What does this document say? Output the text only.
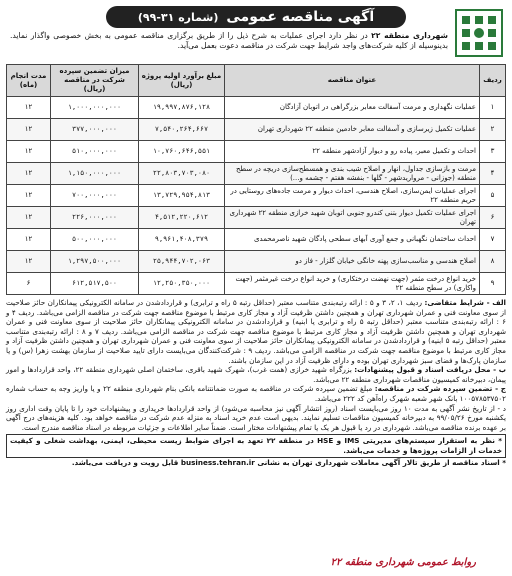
آگهی مناقصه عمومی
(شماره ۳۱-۹۹)
شهرداری منطقه ۲۲ در نظر دارد اجرای عملیات به شرح ذیل را از طریق برگزاری مناقصه عمومی به بخش خصوصی واگذار نماید. بدینوسیله از کلیه شرکت‌های واجد شرایط جهت شرکت در مناقصه دعوت بعمل می‌آید.
ردیف	عنوان مناقصه	مبلغ برآورد اولیه پروژه (ریال)	میزان تضمین سپرده شرکت در مناقصه (ریال)	مدت انجام (ماه)
۱	عملیات نگهداری و مرمت آسفالت معابر بزرگراهی در اتوبان آزادگان	۱۹,۹۹۷,۸۷۶,۱۲۸	۱,۰۰۰,۰۰۰,۰۰۰	۱۲
۲	عملیات تکمیل زیرسازی و آسفالت معابر خادمین منطقه ۲۲ شهرداری تهران	۷,۵۴۰,۲۶۴,۶۶۷	۳۷۷,۰۰۰,۰۰۰	۱۲
۳	احداث و تکمیل معبر، پیاده رو و دیوار آزادشهر منطقه ۲۲	۱۰,۷۶۰,۶۴۶,۵۵۱	۵۱۰,۰۰۰,۰۰۰	۱۲
۴	مرمت و بازسازی جداول، انهار و اصلاح شیب بندی و همسطح‌سازی دریچه در سطح منطقه (جوزانی - مروارید‌شهر - گلها - بنفشه هفتم - چشمه و...)	۲۲,۸۰۳,۷۰۳,۰۸۰	۱,۱۵۰,۰۰۰,۰۰۰	۱۲
۵	اجرای عملیات ایمن‌سازی، اصلاح هندسی، احداث دیوار و مرمت جاده‌های روستایی در حریم منطقه ۲۲	۱۳,۷۲۹,۹۵۴,۸۱۳	۷۰۰,۰۰۰,۰۰۰	۱۲
۶	اجرای عملیات تکمیل دیوار بتنی کندرو جنوبی اتوبان شهید خرازی منطقه ۲۲ شهرداری تهران	۴,۵۱۲,۲۲۰,۶۱۲	۲۲۶,۰۰۰,۰۰۰	۱۲
۷	احداث ساختمان نگهبانی و جمع آوری آبهای سطحی پادگان شهید ناصرمحمدی	۹,۹۶۱,۴۰۸,۳۷۹	۵۰۰,۰۰۰,۰۰۰	۱۲
۸	اصلاح هندسی و مناسب‌سازی پهنه خانگی خیابان گلزار - فاز دو	۲۵,۹۴۴,۷۰۲,۰۶۳	۱,۲۹۷,۵۰۰,۰۰۰	۱۲
۹	خرید انواع درخت مثمر (جهت نهضت درختکاری) و خرید انواع درخت غیرمثمر (جهت واکاری) در سطح منطقه ۲۲	۱۲,۲۵۰,۳۵۰,۰۰۰	۶۱۲,۵۱۷,۵۰۰	۶

الف - شرایط متقاضی: ردیف ۱، ۲، ۳ و ۵ : ارائه رتبه‌بندی متناسب معتبر (حداقل رتبه ۵ راه و ترابری) و قراردادشدن در سامانه الکترونیکی پیمانکاران حائز صلاحیت از سوی معاونت فنی و عمران شهرداری تهران و همچنین داشتن ظرفیت آزاد و مجاز کاری مرتبط با موضوع مناقصه جهت شرکت در مناقصه الزامی می‌باشد. ردیف ۴ و ۶ : ارائه رتبه‌بندی متناسب معتبر (حداقل رتبه ۵ راه و ترابری یا ابنیه) و قراردادشدن در سامانه الکترونیکی پیمانکاران حائز صلاحیت از سوی معاونت فنی و عمران شهرداری تهران و همچنین داشتن ظرفیت آزاد و مجاز کاری مرتبط با موضوع مناقصه جهت شرکت در مناقصه الزامی می‌باشد. ردیف ۷ و ۸ : ارائه رتبه‌بندی متناسب معتبر (حداقل رتبه ۵ ابنیه) و قراردادشدن در سامانه الکترونیکی پیمانکاران حائز صلاحیت از سوی معاونت فنی و عمران شهرداری تهران و همچنین داشتن ظرفیت آزاد و مجاز کاری مرتبط با موضوع مناقصه جهت شرکت در مناقصه الزامی می‌باشد. ردیف ۹ : شرکت‌کنندگان می‌بایست دارای تایید صلاحیت از سازمان بهشت زهرا (س) و یا سازمان پارک‌ها و فضای سبز شهرداری تهران بوده و دارای ظرفیت آزاد در این سازمان باشند.

ب - محل دریافت اسناد و قبول پیشنهادات: بزرگراه شهید خرازی (همت غرب)، شهرک شهید باقری، ساختمان اصلی شهرداری منطقه ۲۲، واحد قراردادها و امور پیمان، دبیرخانه کمیسیون مناقصات شهرداری منطقه ۲۲ می‌باشد.

ج - تضمین سپرده شرکت در مناقصه: مبلغ تضمین سپرده شرکت در مناقصه به صورت ضمانتنامه بانکی بنام شهرداری منطقه ۲۲ و یا واریز وجه به حساب شماره ۱۰۰۵۷۸۵۳۷۵۰۲ بانک شهر شعبه شهرک راه‌آهن کد ۲۲۲ می‌باشد.

د - از تاریخ نشر آگهی به مدت ۱۰ روز می‌بایست اسناد (روز انتشار آگهی نیز محاسبه می‌شود) از واحد قراردادها خریداری و پیشنهادات خود را تا پایان وقت اداری روز یکشنبه مورخ ۹۹/۰۵/۲۶ به دبیرخانه کمیسیون مناقصات تسلیم نمایند. بدیهی است عدم خرید اسناد به منزله عدم شرکت در مناقصه خواهد بود. کلیه هزینه‌های درج آگهی بر عهده برنده مناقصه می‌باشد. شهرداری در رد یا قبول هر یک یا تمام پیشنهادات مختار است. ضمناً سایر اطلاعات و جزئیات مربوطه در اسناد مناقصه مندرج است.

* نظر به استقرار سیستم‌های مدیریتی IMS و HSE در منطقه ۲۲ تعهد به اجرای ضوابط زیست محیطی، ایمنی، بهداشت شغلی و کیفیت خدمات از الزامات پروژه‌ها و خدمات می‌باشد.

* اسناد مناقصه از طریق تالار آگهی معاملات شهرداری تهران به نشانی business.tehran.ir قابل رویت و دریافت می‌باشد.

روابط عمومی شهرداری منطقه ۲۲
